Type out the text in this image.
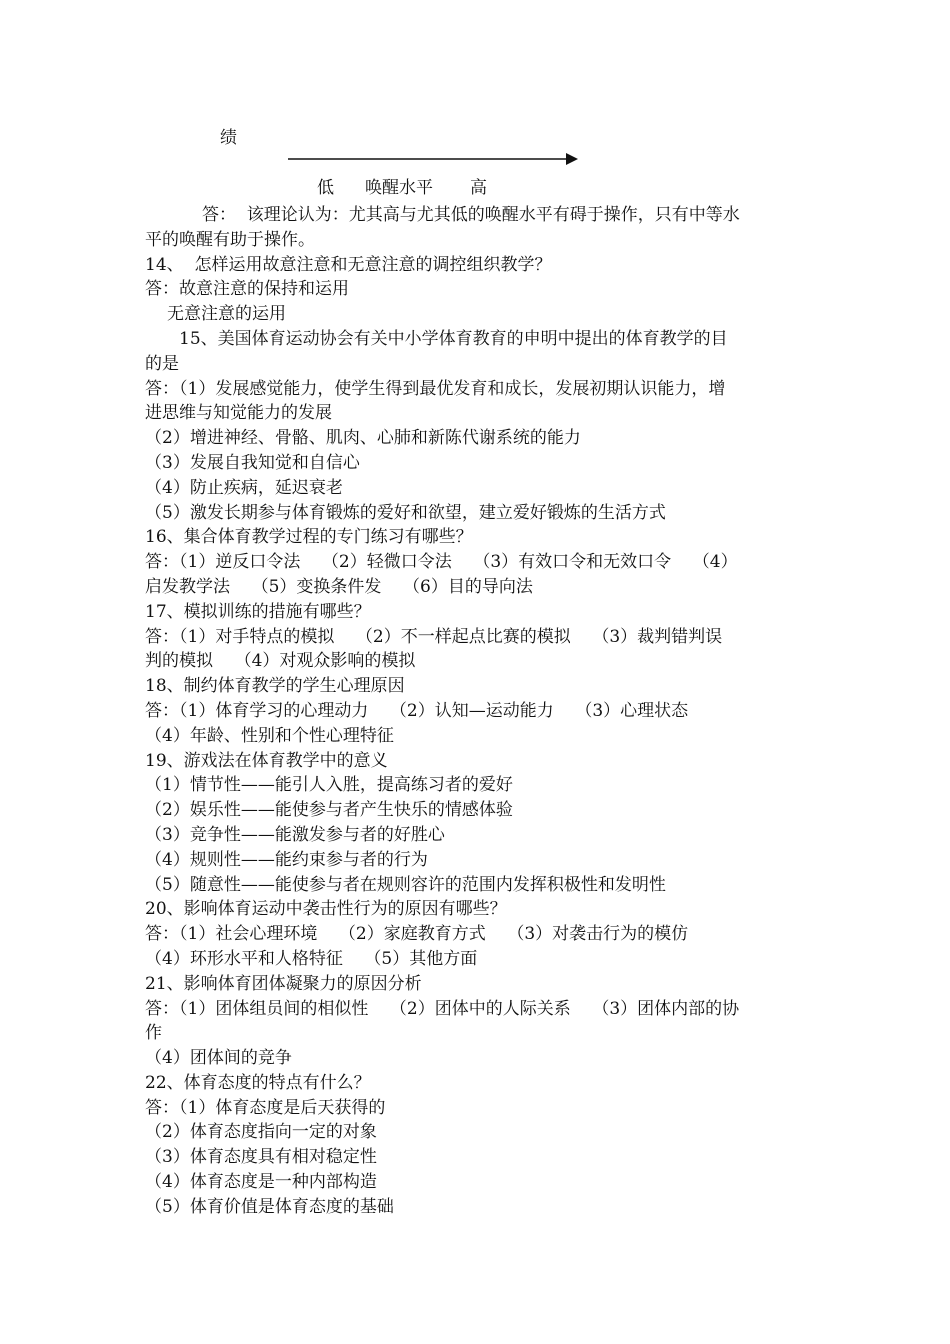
绩
低 唤醒水平 高
答：  该理论认为：尤其高与尤其低的唤醒水平有碍于操作，只有中等水
平的唤醒有助于操作。
14、  怎样运用故意注意和无意注意的调控组织教学？
答：故意注意的保持和运用
无意注意的运用
15、美国体育运动协会有关中小学体育教育的申明中提出的体育教学的目
的是
答：（1）发展感觉能力，使学生得到最优发育和成长，发展初期认识能力，增
进思维与知觉能力的发展
（2）增进神经、骨骼、肌肉、心肺和新陈代谢系统的能力
（3）发展自我知觉和自信心
（4）防止疾病，延迟衰老
（5）激发长期参与体育锻炼的爱好和欲望，建立爱好锻炼的生活方式
16、集合体育教学过程的专门练习有哪些？
答：（1）逆反口令法    （2）轻微口令法    （3）有效口令和无效口令    （4）
启发教学法    （5）变换条件发    （6）目的导向法
17、模拟训练的措施有哪些？
答：（1）对手特点的模拟    （2）不一样起点比赛的模拟    （3）裁判错判误
判的模拟    （4）对观众影响的模拟
18、制约体育教学的学生心理原因
答：（1）体育学习的心理动力    （2）认知—运动能力    （3）心理状态
（4）年龄、性别和个性心理特征
19、游戏法在体育教学中的意义
（1）情节性——能引人入胜，提高练习者的爱好
（2）娱乐性——能使参与者产生快乐的情感体验
（3）竞争性——能激发参与者的好胜心
（4）规则性——能约束参与者的行为
（5）随意性——能使参与者在规则容许的范围内发挥积极性和发明性
20、影响体育运动中袭击性行为的原因有哪些？
答：（1）社会心理环境    （2）家庭教育方式    （3）对袭击行为的模仿
（4）环形水平和人格特征    （5）其他方面
21、影响体育团体凝聚力的原因分析
答：（1）团体组员间的相似性    （2）团体中的人际关系    （3）团体内部的协
作
（4）团体间的竞争
22、体育态度的特点有什么？
答：（1）体育态度是后天获得的
（2）体育态度指向一定的对象
（3）体育态度具有相对稳定性
（4）体育态度是一种内部构造
（5）体育价值是体育态度的基础
